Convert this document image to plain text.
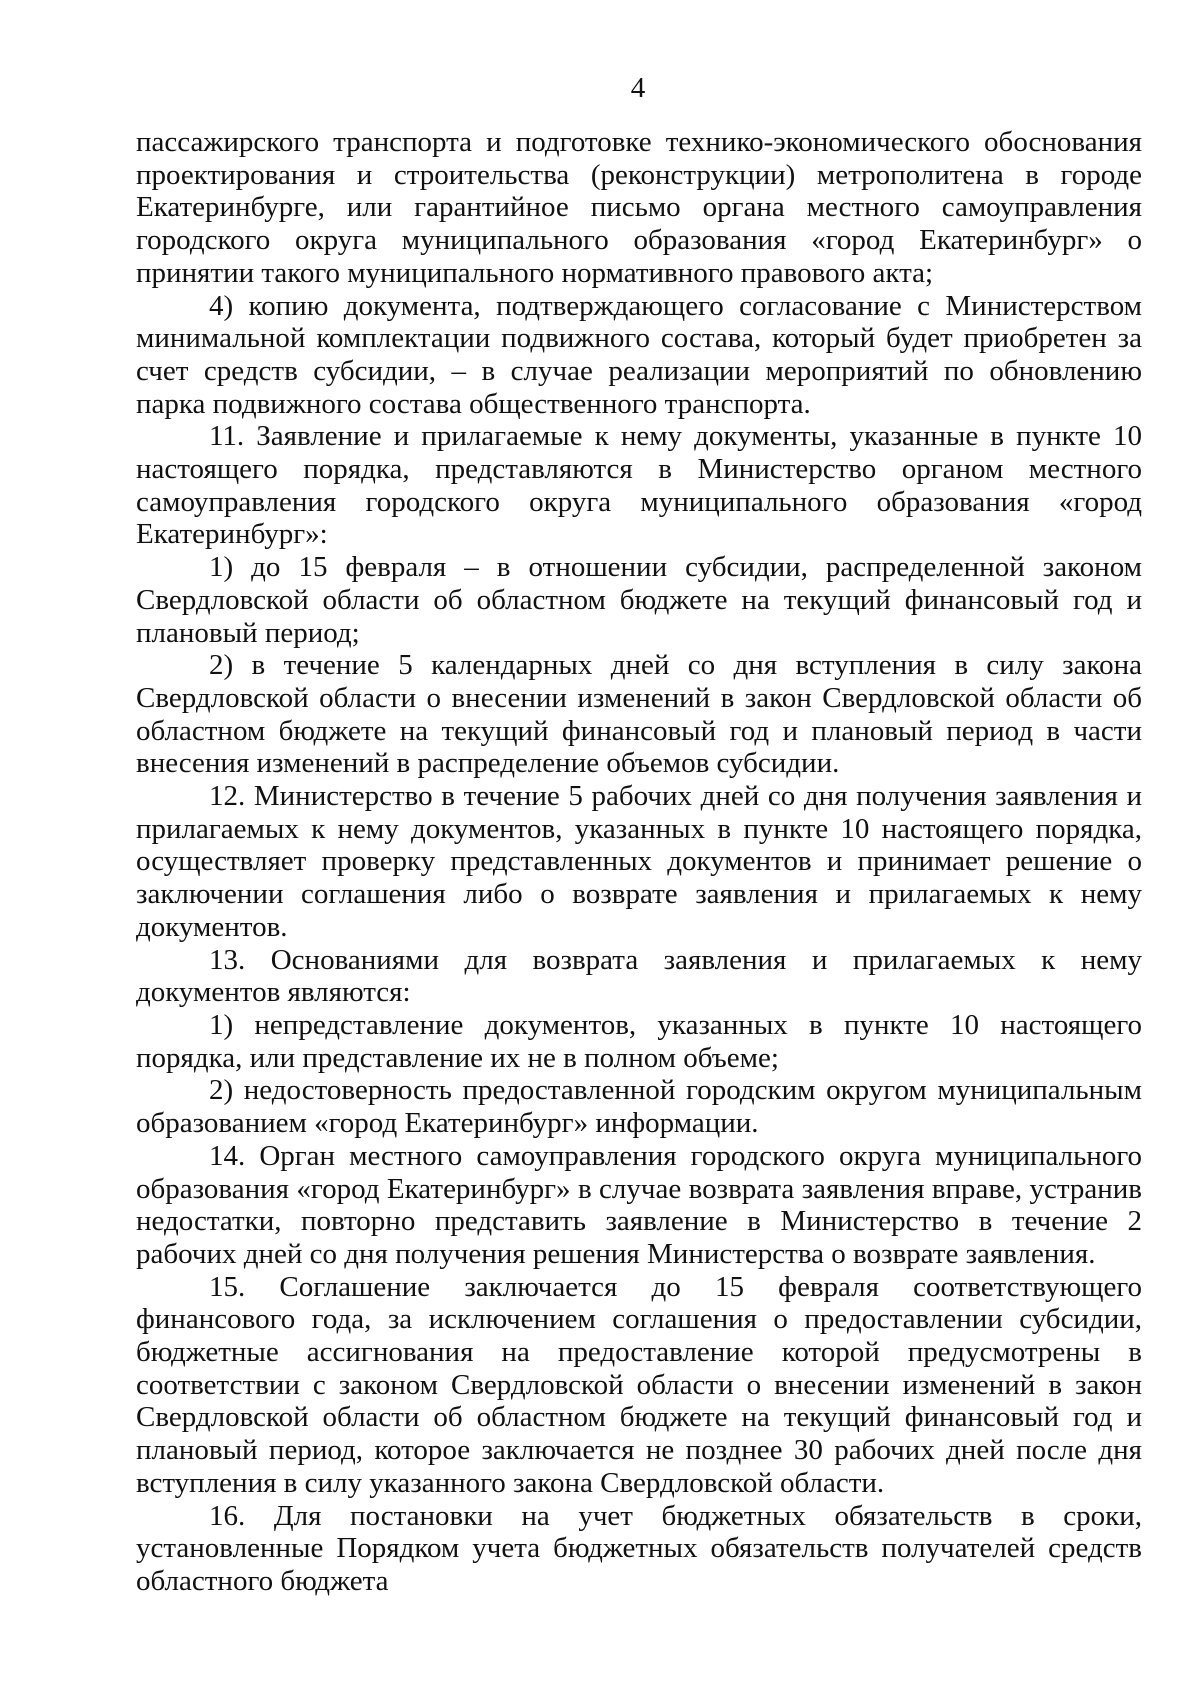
4

пассажирского транспорта и подготовке технико-экономического обоснования проектирования и строительства (реконструкции) метрополитена в городе Екатеринбурге, или гарантийное письмо органа местного самоуправления городского округа муниципального образования «город Екатеринбург» о принятии такого муниципального нормативного правового акта;

4) копию документа, подтверждающего согласование с Министерством минимальной комплектации подвижного состава, который будет приобретен за счет средств субсидии, – в случае реализации мероприятий по обновлению парка подвижного состава общественного транспорта.

11. Заявление и прилагаемые к нему документы, указанные в пункте 10 настоящего порядка, представляются в Министерство органом местного самоуправления городского округа муниципального образования «город Екатеринбург»:

1) до 15 февраля – в отношении субсидии, распределенной законом Свердловской области об областном бюджете на текущий финансовый год и плановый период;

2) в течение 5 календарных дней со дня вступления в силу закона Свердловской области о внесении изменений в закон Свердловской области об областном бюджете на текущий финансовый год и плановый период в части внесения изменений в распределение объемов субсидии.

12. Министерство в течение 5 рабочих дней со дня получения заявления и прилагаемых к нему документов, указанных в пункте 10 настоящего порядка, осуществляет проверку представленных документов и принимает решение о заключении соглашения либо о возврате заявления и прилагаемых к нему документов.

13. Основаниями для возврата заявления и прилагаемых к нему документов являются:

1) непредставление документов, указанных в пункте 10 настоящего порядка, или представление их не в полном объеме;

2) недостоверность предоставленной городским округом муниципальным образованием «город Екатеринбург» информации.

14. Орган местного самоуправления городского округа муниципального образования «город Екатеринбург» в случае возврата заявления вправе, устранив недостатки, повторно представить заявление в Министерство в течение 2 рабочих дней со дня получения решения Министерства о возврате заявления.

15. Соглашение заключается до 15 февраля соответствующего финансового года, за исключением соглашения о предоставлении субсидии, бюджетные ассигнования на предоставление которой предусмотрены в соответствии с законом Свердловской области о внесении изменений в закон Свердловской области об областном бюджете на текущий финансовый год и плановый период, которое заключается не позднее 30 рабочих дней после дня вступления в силу указанного закона Свердловской области.

16. Для постановки на учет бюджетных обязательств в сроки, установленные Порядком учета бюджетных обязательств получателей средств областного бюджета
